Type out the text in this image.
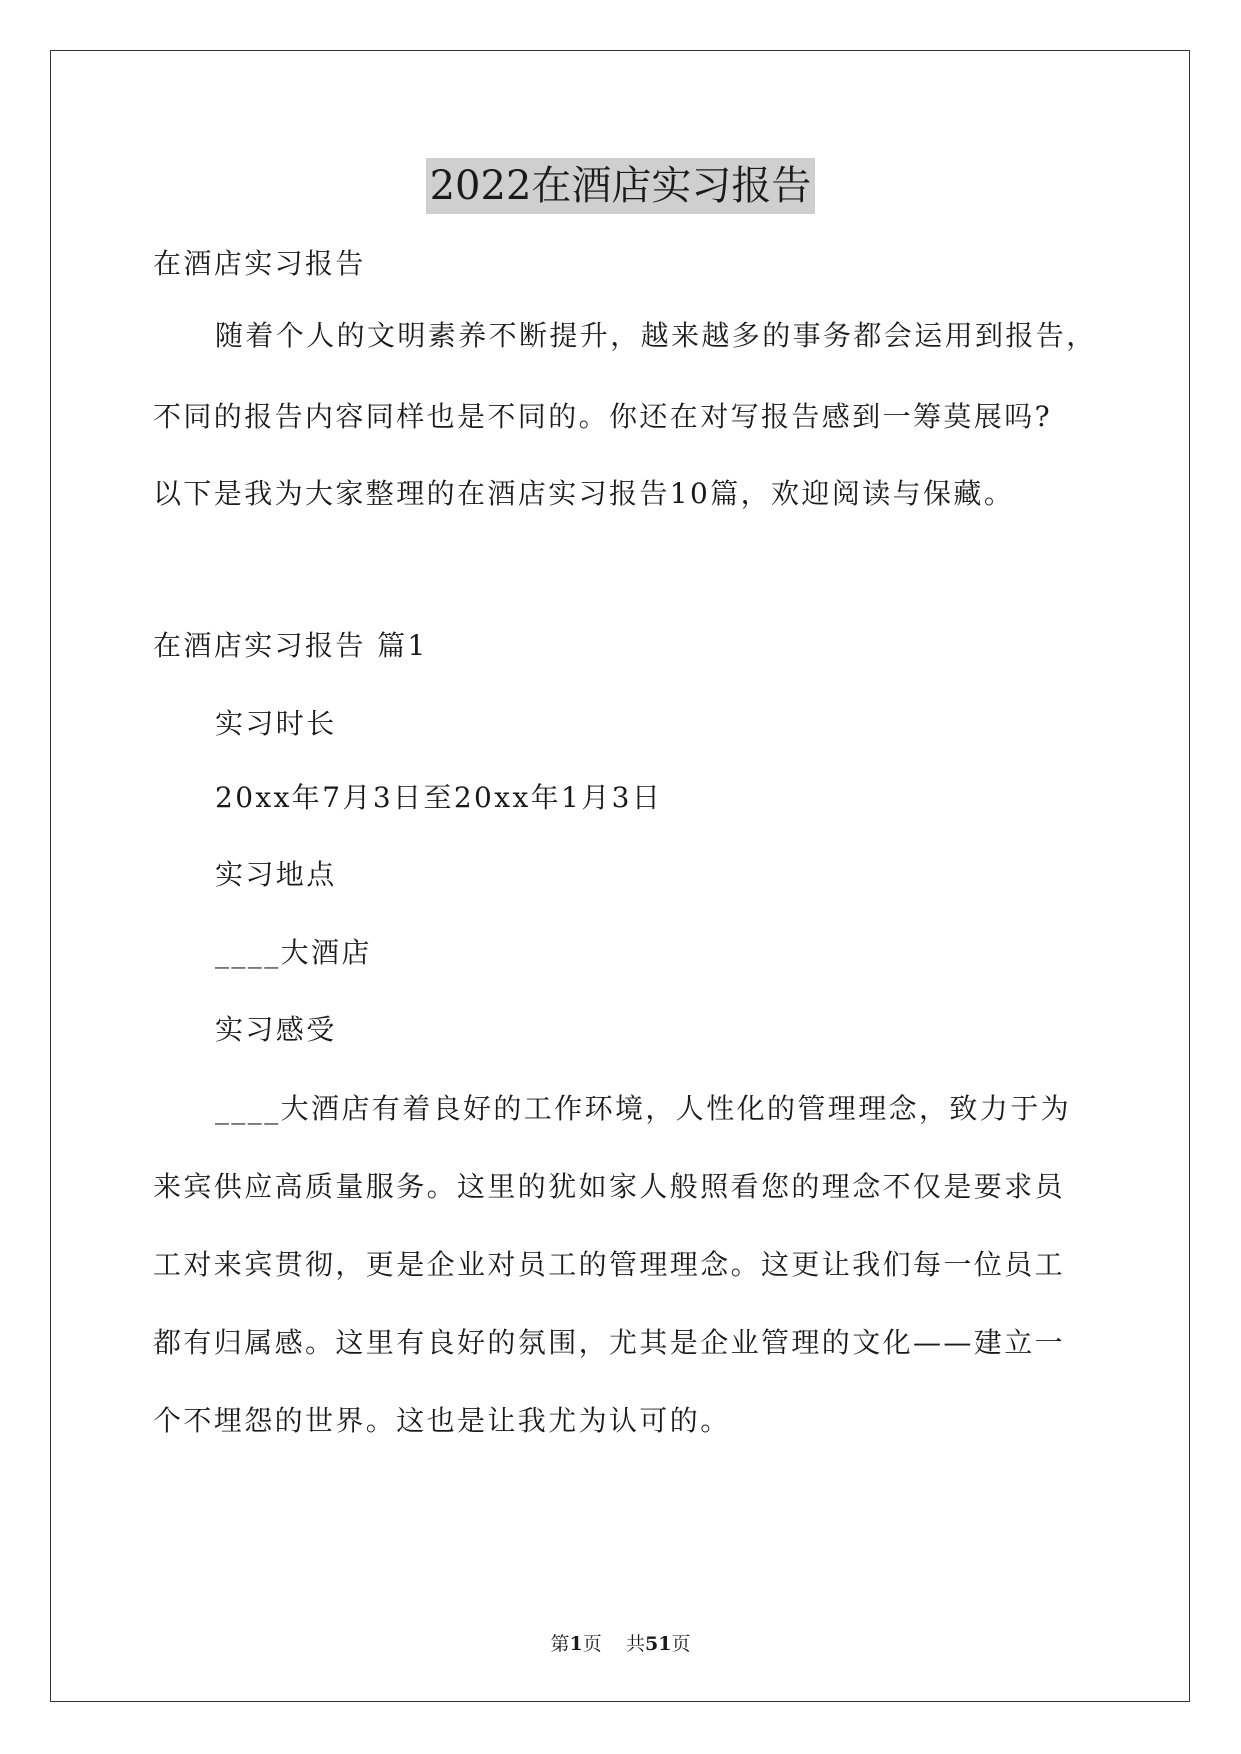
2022在酒店实习报告
在酒店实习报告
随着个人的文明素养不断提升，越来越多的事务都会运用到报告，
不同的报告内容同样也是不同的。你还在对写报告感到一筹莫展吗?
以下是我为大家整理的在酒店实习报告10篇，欢迎阅读与保藏。
在酒店实习报告 篇1
实习时长
20xx年7月3日至20xx年1月3日
实习地点
____大酒店
实习感受
____大酒店有着良好的工作环境，人性化的管理理念，致力于为
来宾供应高质量服务。这里的犹如家人般照看您的理念不仅是要求员
工对来宾贯彻，更是企业对员工的管理理念。这更让我们每一位员工
都有归属感。这里有良好的氛围，尤其是企业管理的文化——建立一
个不埋怨的世界。这也是让我尤为认可的。
第1页 共51页
